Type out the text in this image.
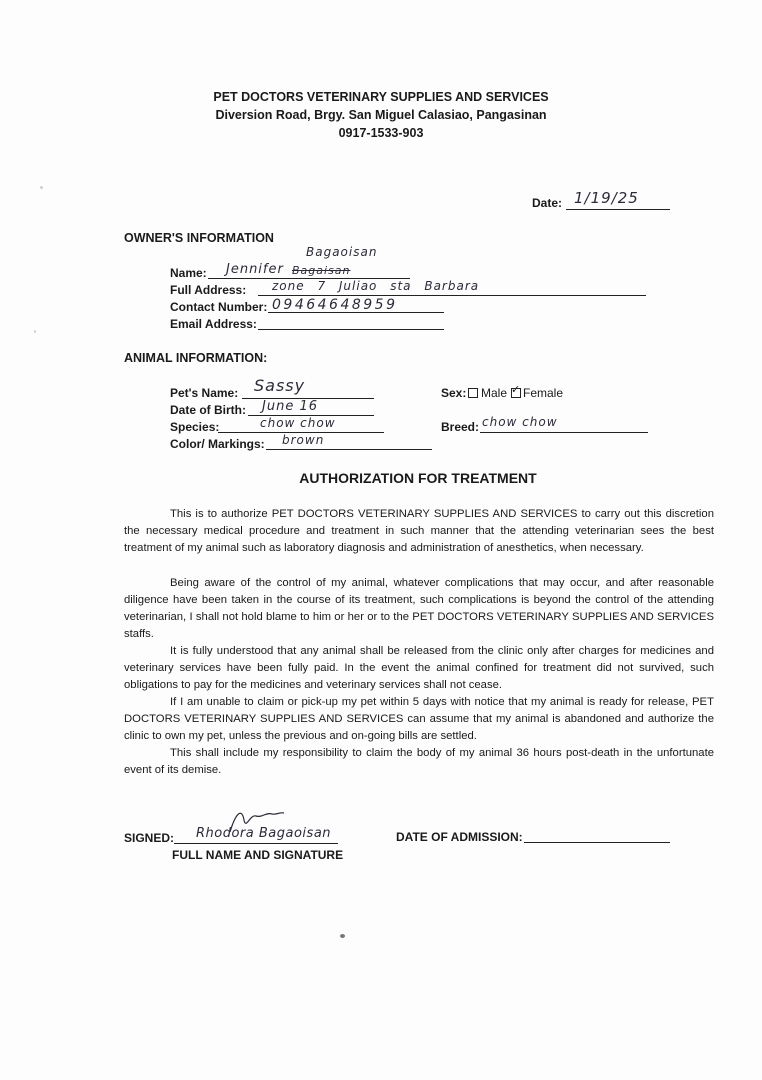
PET DOCTORS VETERINARY SUPPLIES AND SERVICES
Diversion Road, Brgy. San Miguel Calasiao, Pangasinan
0917-1533-903
Date: 1/19/25
OWNER'S INFORMATION
Name: Jennifer Bagaisan
Bagaoisan
Full Address: zone 7 Juliao sta Barbara
Contact Number: 09464648959
Email Address:
ANIMAL INFORMATION:
Pet's Name: Sassy
Date of Birth: June 16
Species:	chow chow
Color/ Markings: brown
Sex:	Male
✓	Female
Breed: chow chow
AUTHORIZATION FOR TREATMENT

This is to authorize PET DOCTORS VETERINARY SUPPLIES AND SERVICES to carry out this discretion the necessary medical procedure and treatment in such manner that the attending veterinarian sees the best treatment of my animal such as laboratory diagnosis and administration of anesthetics, when necessary.

Being aware of the control of my animal, whatever complications that may occur, and after reasonable diligence have been taken in the course of its treatment, such complications is beyond the control of the attending veterinarian, I shall not hold blame to him or her or to the PET DOCTORS VETERINARY SUPPLIES AND SERVICES staffs.

It is fully understood that any animal shall be released from the clinic only after charges for medicines and veterinary services have been fully paid. In the event the animal confined for treatment did not survived, such obligations to pay for the medicines and veterinary services shall not cease.

If I am unable to claim or pick-up my pet within 5 days with notice that my animal is ready for release, PET DOCTORS VETERINARY SUPPLIES AND SERVICES can assume that my animal is abandoned and authorize the clinic to own my pet, unless the previous and on-going bills are settled.

This shall include my responsibility to claim the body of my animal 36 hours post-death in the unfortunate event of its demise.

SIGNED: Rhodora Bagaoisan
FULL NAME AND SIGNATURE
DATE OF ADMISSION:
